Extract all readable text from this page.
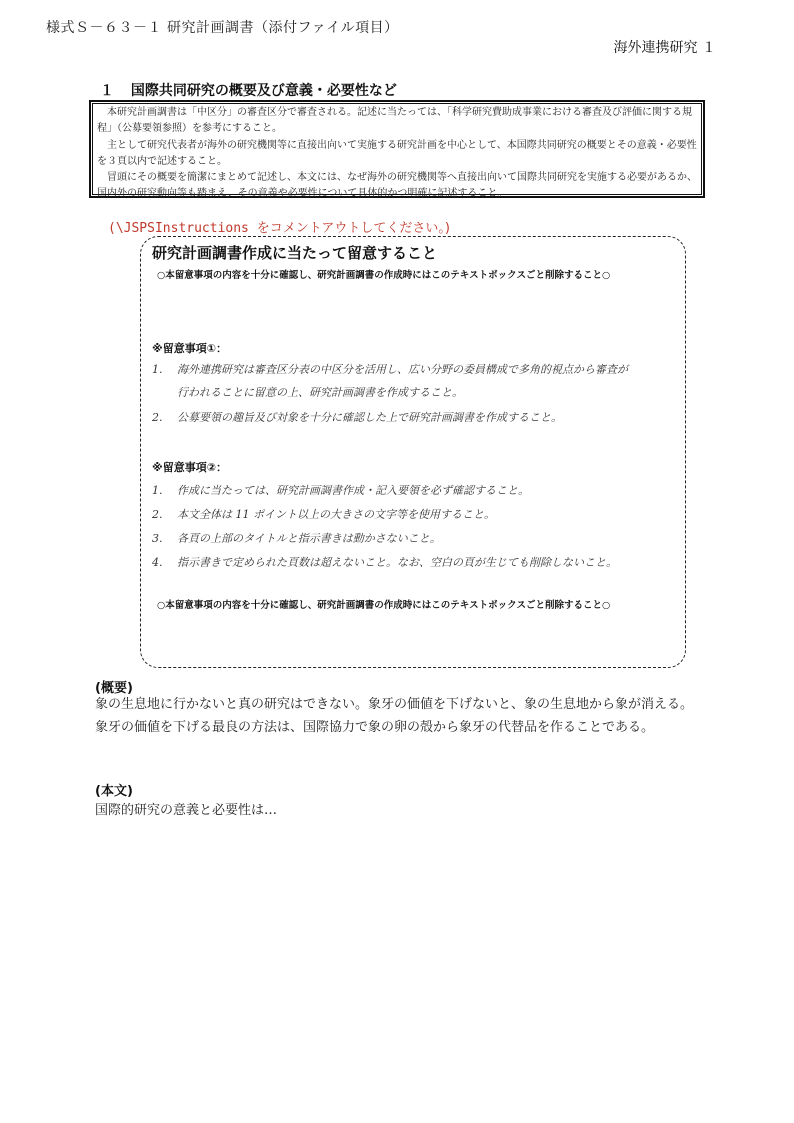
様式Ｓ－６３－１ 研究計画調書（添付ファイル項目）
海外連携研究 １
１ 国際共同研究の概要及び意義・必要性など

本研究計画調書は「中区分」の審査区分で審査される。記述に当たっては、「科学研究費助成事業における審査及び評価に関する規程」（公募要領参照）を参考にすること。

主として研究代表者が海外の研究機関等に直接出向いて実施する研究計画を中心として、本国際共同研究の概要とその意義・必要性を３頁以内で記述すること。

冒頭にその概要を簡潔にまとめて記述し、本文には、なぜ海外の研究機関等へ直接出向いて国際共同研究を実施する必要があるか、国内外の研究動向等も踏まえ、その意義や必要性について具体的かつ明確に記述すること。

(\JSPSInstructions をコメントアウトしてください。)
研究計画調書作成に当たって留意すること
○本留意事項の内容を十分に確認し、研究計画調書の作成時にはこのテキストボックスごと削除すること○
※留意事項①：
1.	海外連携研究は審査区分表の中区分を活用し、広い分野の委員構成で多角的視点から審査が
行われることに留意の上、研究計画調書を作成すること。
2.	公募要領の趣旨及び対象を十分に確認した上で研究計画調書を作成すること。
※留意事項②：
1.	作成に当たっては、研究計画調書作成・記入要領を必ず確認すること。
2.	本文全体は 11 ポイント以上の大きさの文字等を使用すること。
3.	各頁の上部のタイトルと指示書きは動かさないこと。
4.	指示書きで定められた頁数は超えないこと。なお、空白の頁が生じても削除しないこと。
○本留意事項の内容を十分に確認し、研究計画調書の作成時にはこのテキストボックスごと削除すること○
(概要)
象の生息地に行かないと真の研究はできない。象牙の価値を下げないと、象の生息地から象が消える。象牙の価値を下げる最良の方法は、国際協力で象の卵の殻から象牙の代替品を作ることである。
(本文)
国際的研究の意義と必要性は…
